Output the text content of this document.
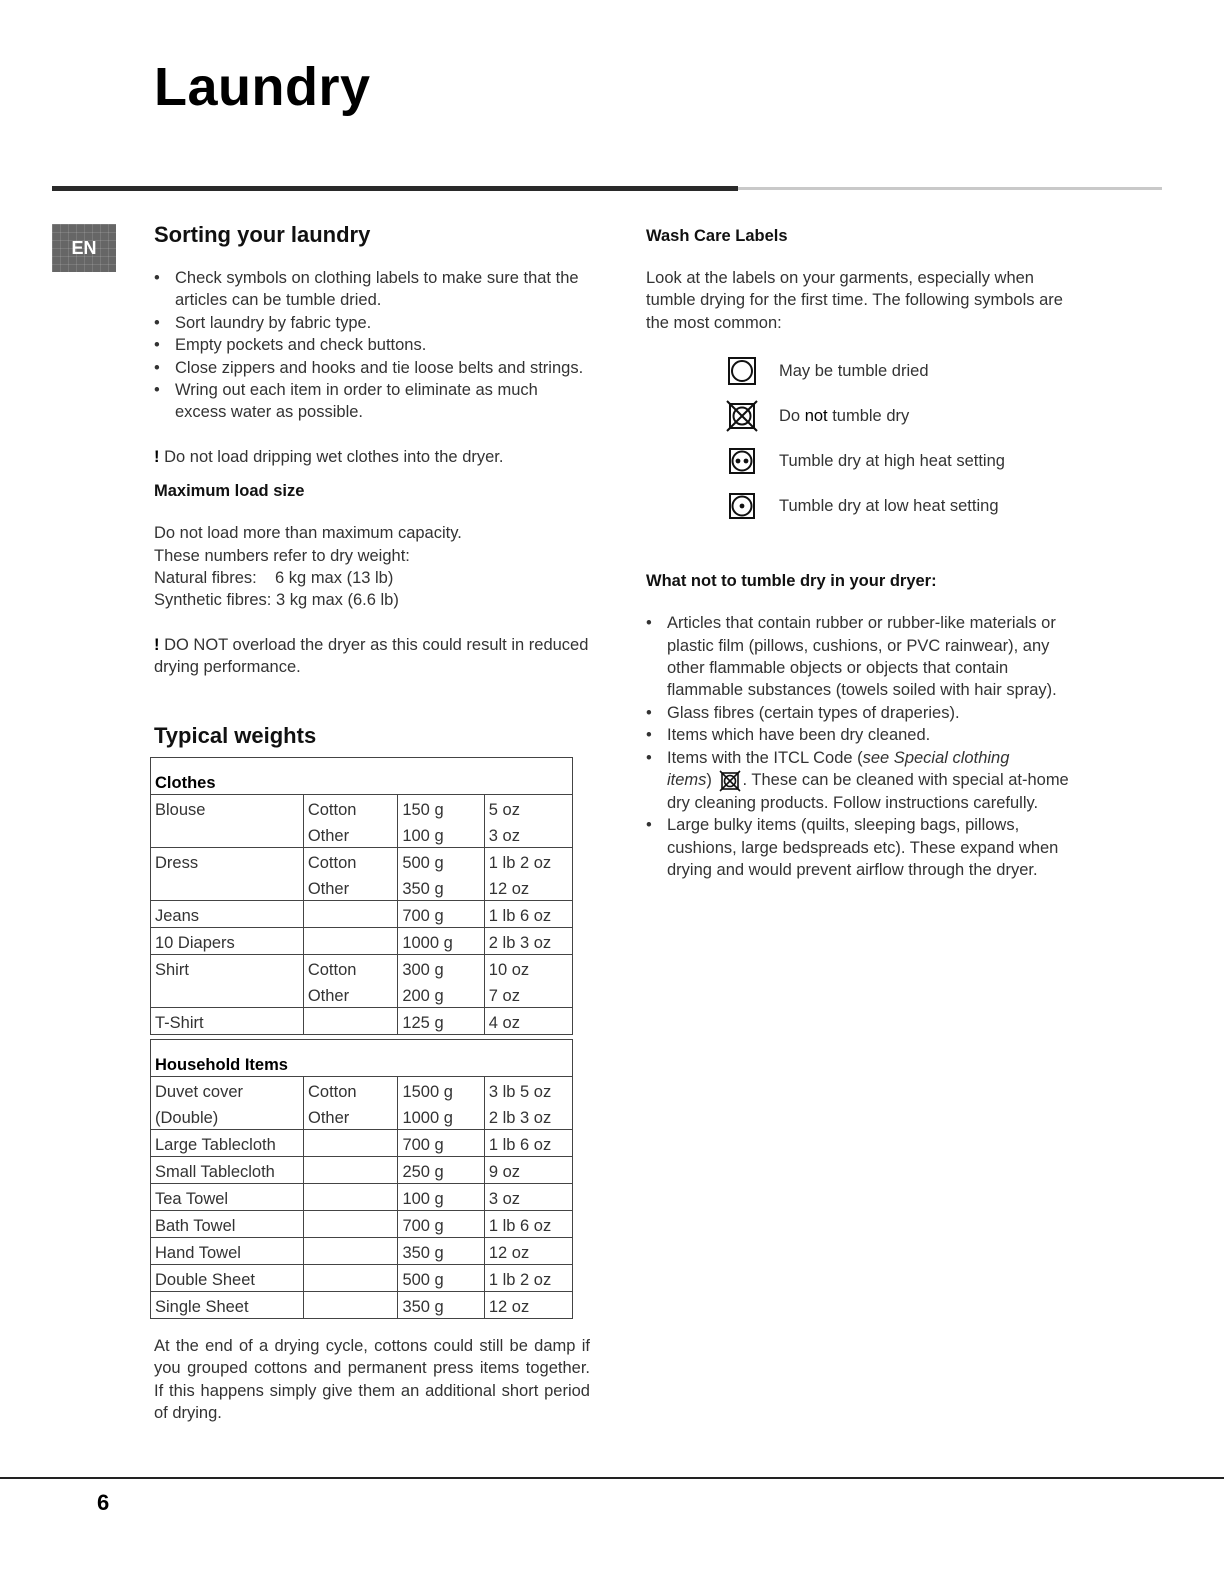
Laundry
EN
Sorting your laundry
• Check symbols on clothing labels to make sure that the articles can be tumble dried.
• Sort laundry by fabric type.
• Empty pockets and check buttons.
• Close zippers and hooks and tie loose belts and strings.
• Wring out each item in order to eliminate as much excess water as possible.

! Do not load dripping wet clothes into the dryer.

Maximum load size

Do not load more than maximum capacity.

These numbers refer to dry weight:

Natural fibres:    6 kg max (13 lb)

Synthetic fibres: 3 kg max (6.6 lb)

! DO NOT overload the dryer as this could result in reduced drying performance.

Typical weights
Clothes			
Blouse	Cotton	150 g	5 oz
	Other	100 g	3 oz
Dress	Cotton	500 g	1 lb 2 oz
	Other	350 g	12 oz
Jeans		700 g	1 lb 6 oz
10 Diapers		1000 g	2 lb 3 oz
Shirt	Cotton	300 g	10 oz
	Other	200 g	7 oz
T-Shirt		125 g	4 oz
Household Items			
Duvet cover	Cotton	1500 g	3 lb 5 oz
(Double)	Other	1000 g	2 lb 3 oz
Large Tablecloth		700 g	1 lb 6 oz
Small Tablecloth		250 g	9 oz
Tea Towel		100 g	3 oz
Bath Towel		700 g	1 lb 6 oz
Hand Towel		350 g	12 oz
Double Sheet		500 g	1 lb 2 oz
Single Sheet		350 g	12 oz

At the end of a drying cycle, cottons could still be damp if you grouped cottons and permanent press items together. If this happens simply give them an additional short period of drying.

Wash Care Labels

Look at the labels on your garments, especially when tumble drying for the first time. The following symbols are the most common:

May be tumble dried
Do not tumble dry
Tumble dry at high heat setting
Tumble dry at low heat setting
What not to tumble dry in your dryer:
• Articles that contain rubber or rubber-like materials or plastic film (pillows, cushions, or PVC rainwear), any other flammable objects or objects that contain flammable substances (towels soiled with hair spray).
• Glass fibres (certain types of draperies).
• Items which have been dry cleaned.
• Items with the ITCL Code (see Special clothing items) . These can be cleaned with special at-home dry cleaning products. Follow instructions carefully.
• Large bulky items (quilts, sleeping bags, pillows, cushions, large bedspreads etc). These expand when drying and would prevent airflow through the dryer.
6
